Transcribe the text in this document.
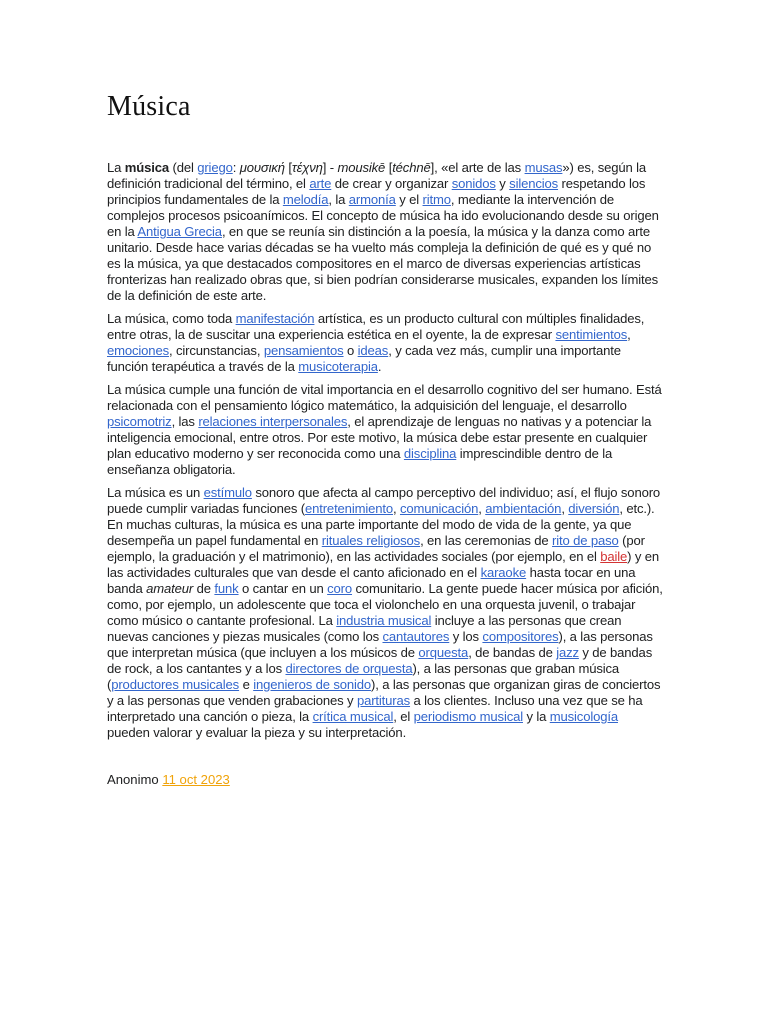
Música

La música (del griego: μουσική [τέχνη] - mousikē [téchnē], «el arte de las musas») es, según la definición tradicional del término, el arte de crear y organizar sonidos y silencios respetando los principios fundamentales de la melodía, la armonía y el ritmo, mediante la intervención de complejos procesos psicoanímicos. El concepto de música ha ido evolucionando desde su origen en la Antigua Grecia, en que se reunía sin distinción a la poesía, la música y la danza como arte unitario. Desde hace varias décadas se ha vuelto más compleja la definición de qué es y qué no es la música, ya que destacados compositores en el marco de diversas experiencias artísticas fronterizas han realizado obras que, si bien podrían considerarse musicales, expanden los límites de la definición de este arte.

La música, como toda manifestación artística, es un producto cultural con múltiples finalidades, entre otras, la de suscitar una experiencia estética en el oyente, la de expresar sentimientos, emociones, circunstancias, pensamientos o ideas, y cada vez más, cumplir una importante función terapéutica a través de la musicoterapia.

La música cumple una función de vital importancia en el desarrollo cognitivo del ser humano. Está relacionada con el pensamiento lógico matemático, la adquisición del lenguaje, el desarrollo psicomotriz, las relaciones interpersonales, el aprendizaje de lenguas no nativas y a potenciar la inteligencia emocional, entre otros. Por este motivo, la música debe estar presente en cualquier plan educativo moderno y ser reconocida como una disciplina imprescindible dentro de la enseñanza obligatoria.

La música es un estímulo sonoro que afecta al campo perceptivo del individuo; así, el flujo sonoro puede cumplir variadas funciones (entretenimiento, comunicación, ambientación, diversión, etc.). En muchas culturas, la música es una parte importante del modo de vida de la gente, ya que desempeña un papel fundamental en rituales religiosos, en las ceremonias de rito de paso (por ejemplo, la graduación y el matrimonio), en las actividades sociales (por ejemplo, en el baile) y en las actividades culturales que van desde el canto aficionado en el karaoke hasta tocar en una banda amateur de funk o cantar en un coro comunitario. La gente puede hacer música por afición, como, por ejemplo, un adolescente que toca el violonchelo en una orquesta juvenil, o trabajar como músico o cantante profesional. La industria musical incluye a las personas que crean nuevas canciones y piezas musicales (como los cantautores y los compositores), a las personas que interpretan música (que incluyen a los músicos de orquesta, de bandas de jazz y de bandas de rock, a los cantantes y a los directores de orquesta), a las personas que graban música (productores musicales e ingenieros de sonido), a las personas que organizan giras de conciertos y a las personas que venden grabaciones y partituras a los clientes. Incluso una vez que se ha interpretado una canción o pieza, la crítica musical, el periodismo musical y la musicología pueden valorar y evaluar la pieza y su interpretación.

Anonimo 11 oct 2023
